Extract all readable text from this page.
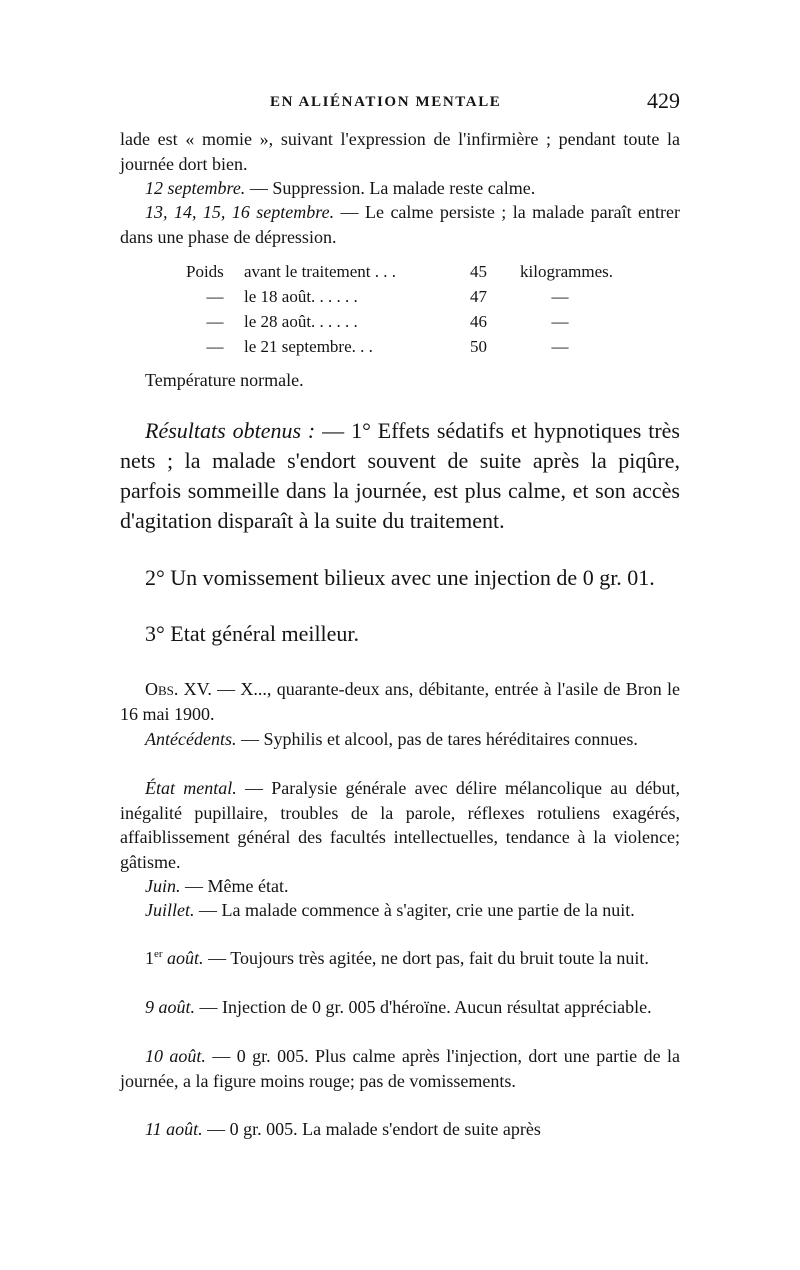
EN ALIÉNATION MENTALE	429
lade est « momie », suivant l'expression de l'infirmière ; pendant toute la journée dort bien.
12 septembre. — Suppression. La malade reste calme.
13, 14, 15, 16 septembre. — Le calme persiste ; la malade paraît entrer dans une phase de dépression.
Poids	avant le traitement . . .	45	kilogrammes.
—	le 18 août. . . . . .	47	—
—	le 28 août. . . . . .	46	—
—	le 21 septembre. . .	50	—
Température normale.
Résultats obtenus : — 1° Effets sédatifs et hypnotiques très nets ; la malade s'endort souvent de suite après la piqûre, parfois sommeille dans la journée, est plus calme, et son accès d'agitation disparaît à la suite du traitement.
2° Un vomissement bilieux avec une injection de 0 gr. 01.
3° Etat général meilleur.
Obs. XV. — X..., quarante-deux ans, débitante, entrée à l'asile de Bron le 16 mai 1900.
Antécédents. — Syphilis et alcool, pas de tares héréditaires connues.
État mental. — Paralysie générale avec délire mélancolique au début, inégalité pupillaire, troubles de la parole, réflexes rotuliens exagérés, affaiblissement général des facultés intellectuelles, tendance à la violence; gâtisme.
Juin. — Même état.
Juillet. — La malade commence à s'agiter, crie une partie de la nuit.
1er août. — Toujours très agitée, ne dort pas, fait du bruit toute la nuit.
9 août. — Injection de 0 gr. 005 d'héroïne. Aucun résultat appréciable.
10 août. — 0 gr. 005. Plus calme après l'injection, dort une partie de la journée, a la figure moins rouge; pas de vomissements.
11 août. — 0 gr. 005. La malade s'endort de suite après
